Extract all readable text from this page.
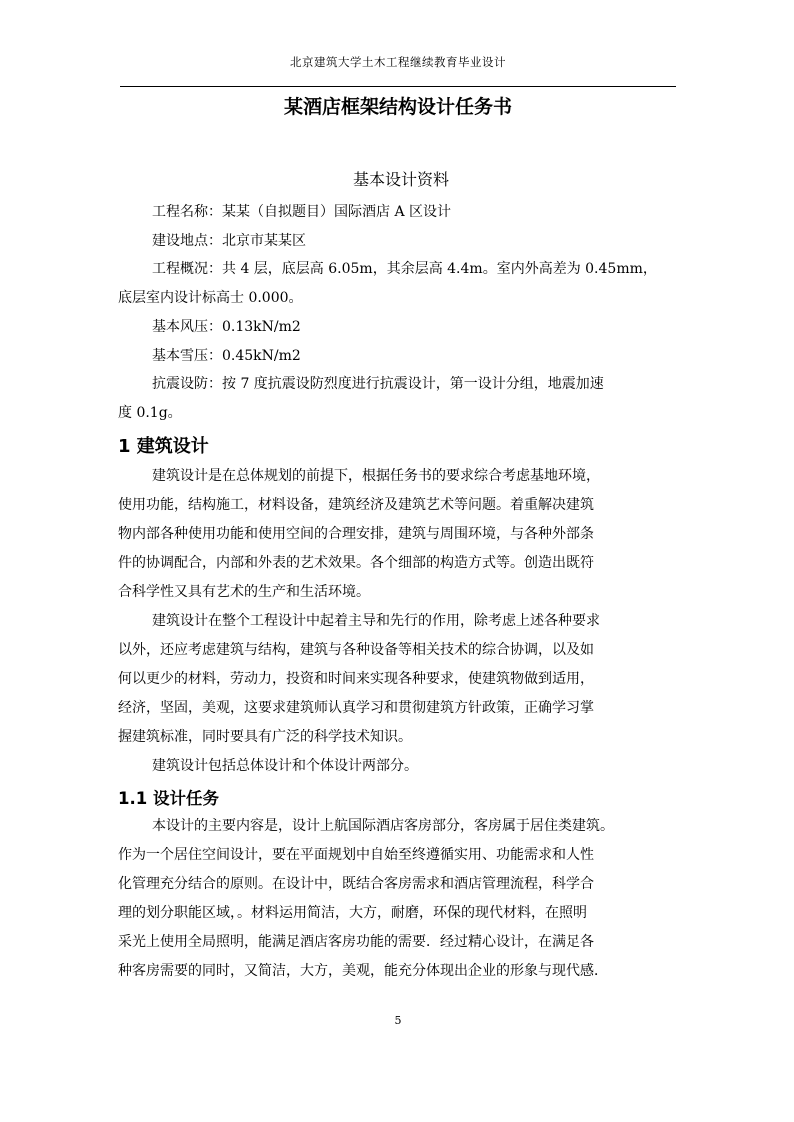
北京建筑大学土木工程继续教育毕业设计
某酒店框架结构设计任务书
基本设计资料

工程名称：某某（自拟题目）国际酒店 A 区设计

建设地点：北京市某某区

工程概况：共 4 层，底层高 6.05m，其余层高 4.4m。室内外高差为 0.45mm，
底层室内设计标高士 0.000。

基本风压：0.13kN/m2

基本雪压：0.45kN/m2

抗震设防：按 7 度抗震设防烈度进行抗震设计，第一设计分组，地震加速
度 0.1g。

1 建筑设计

建筑设计是在总体规划的前提下，根据任务书的要求综合考虑基地环境，
使用功能，结构施工，材料设备，建筑经济及建筑艺术等问题。着重解决建筑
物内部各种使用功能和使用空间的合理安排，建筑与周围环境，与各种外部条
件的协调配合，内部和外表的艺术效果。各个细部的构造方式等。创造出既符
合科学性又具有艺术的生产和生活环境。

建筑设计在整个工程设计中起着主导和先行的作用，除考虑上述各种要求
以外，还应考虑建筑与结构，建筑与各种设备等相关技术的综合协调，以及如
何以更少的材料，劳动力，投资和时间来实现各种要求，使建筑物做到适用，
经济，坚固，美观，这要求建筑师认真学习和贯彻建筑方针政策，正确学习掌
握建筑标准，同时要具有广泛的科学技术知识。

建筑设计包括总体设计和个体设计两部分。

1.1 设计任务

本设计的主要内容是，设计上航国际酒店客房部分，客房属于居住类建筑。
作为一个居住空间设计，要在平面规划中自始至终遵循实用、功能需求和人性
化管理充分结合的原则。在设计中，既结合客房需求和酒店管理流程，科学合
理的划分职能区域，。材料运用简洁，大方，耐磨，环保的现代材料，在照明
采光上使用全局照明，能满足酒店客房功能的需要．经过精心设计，在满足各
种客房需要的同时，又简洁，大方，美观，能充分体现出企业的形象与现代感．

5
